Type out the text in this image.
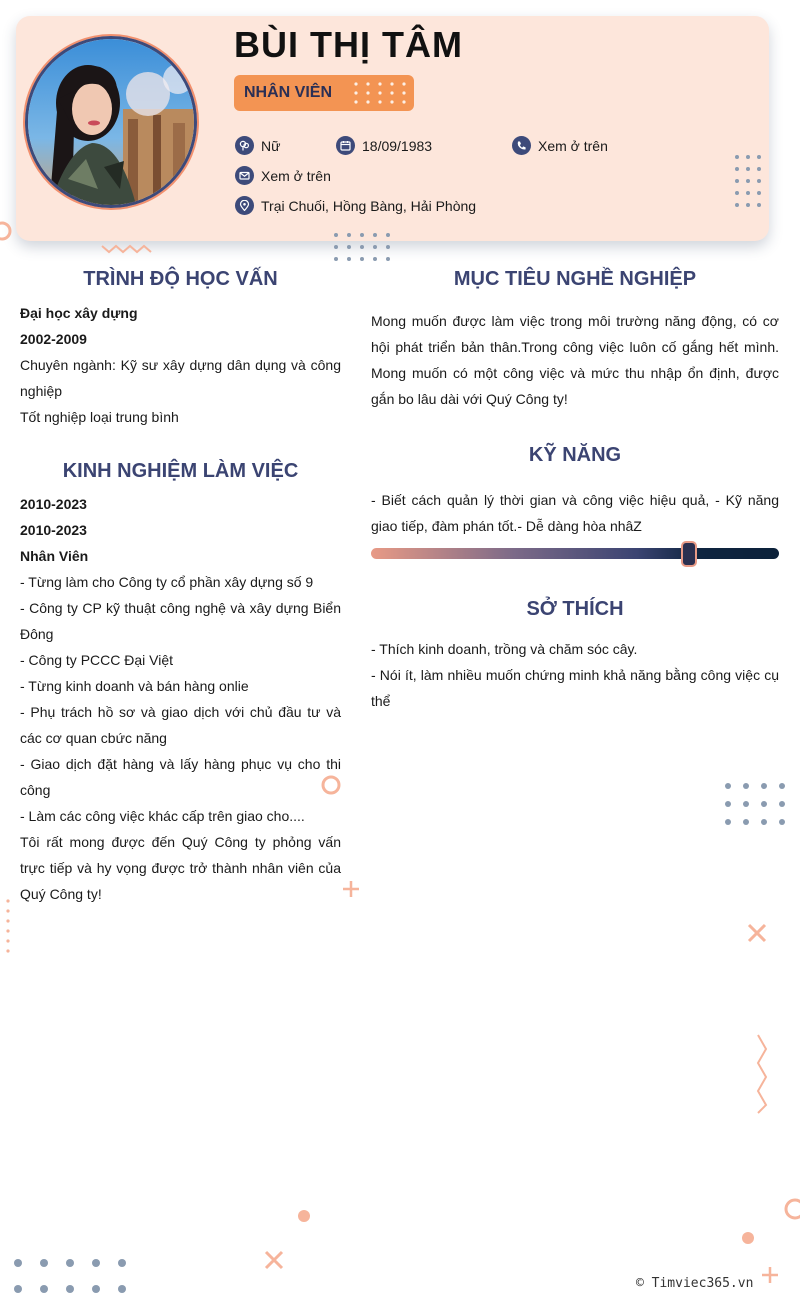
BÙI THỊ TÂM
NHÂN VIÊN
Nữ	18/09/1983	Xem ở trên
Xem ở trên
Trại Chuối, Hồng Bàng, Hải Phòng
TRÌNH ĐỘ HỌC VẤN

Đại học xây dựng

2002-2009

Chuyên ngành: Kỹ sư xây dựng dân dụng và công nghiệp

Tốt nghiệp loại trung bình

KINH NGHIỆM LÀM VIỆC

2010-2023

2010-2023

Nhân Viên

- Từng làm cho Công ty cổ phần xây dựng số 9

- Công ty CP kỹ thuật công nghệ và xây dựng Biển Đông

- Công ty PCCC Đại Việt

- Từng kinh doanh và bán hàng onlie

- Phụ trách hồ sơ và giao dịch với chủ đầu tư và các cơ quan cbức năng

- Giao dịch đặt hàng và lấy hàng phục vụ cho thi công

- Làm các công việc khác cấp trên giao cho....

Tôi rất mong được đến Quý Công ty phỏng vấn trực tiếp và hy vọng được trở thành nhân viên của Quý Công ty!

MỤC TIÊU NGHỀ NGHIỆP
Mong muốn được làm việc trong môi trường năng động, có cơ hội phát triển bản thân.Trong công việc luôn cố gắng hết mình. Mong muốn có một công việc và mức thu nhập ổn định, được gắn bo lâu dài với Quý Công ty!
KỸ NĂNG
- Biết cách quản lý thời gian và công việc hiệu quả, - Kỹ năng giao tiếp, đàm phán tốt.- Dễ dàng hòa nhâZ
SỞ THÍCH

- Thích kinh doanh, trồng và chăm sóc cây.

- Nói ít, làm nhiều muốn chứng minh khả năng bằng công việc cụ thể

© Timviec365.vn
